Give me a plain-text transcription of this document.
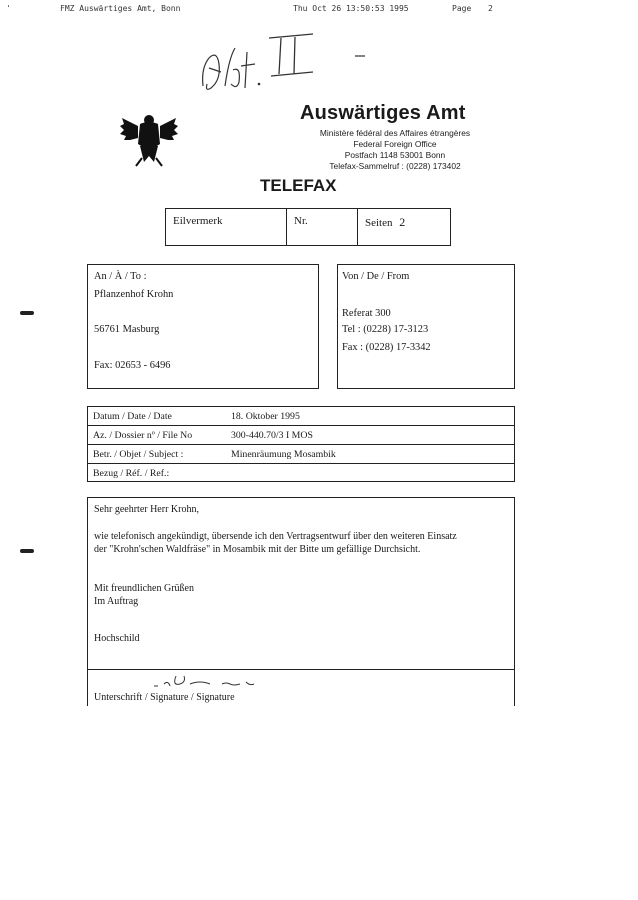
'	FMZ Auswärtiges Amt, Bonn	Thu Oct 26 13:50:53 1995	Page 2
Auswärtiges Amt
Ministère fédéral des Affaires étrangères
Federal Foreign Office
Postfach 1148 53001 Bonn
Telefax-Sammelruf : (0228) 173402
TELEFAX
Eilvermerk	Nr.	Seiten 2
An / À / To :
Pflanzenhof Krohn
56761 Masburg
Fax: 02653 - 6496
Von / De / From
Referat 300
Tel : (0228) 17-3123
Fax : (0228) 17-3342
Datum / Date / Date	18. Oktober 1995
Az. / Dossier nº / File No	300-440.70/3 I MOS
Betr. / Objet / Subject :	Minenräumung Mosambik
Bezug / Réf. / Ref.:
Sehr geehrter Herr Krohn,
wie telefonisch angekündigt, übersende ich den Vertragsentwurf über den weiteren Einsatz
der "Krohn'schen Waldfräse" in Mosambik mit der Bitte um gefällige Durchsicht.
Mit freundlichen Grüßen
Im Auftrag
Hochschild
Unterschrift / Signature / Signature
